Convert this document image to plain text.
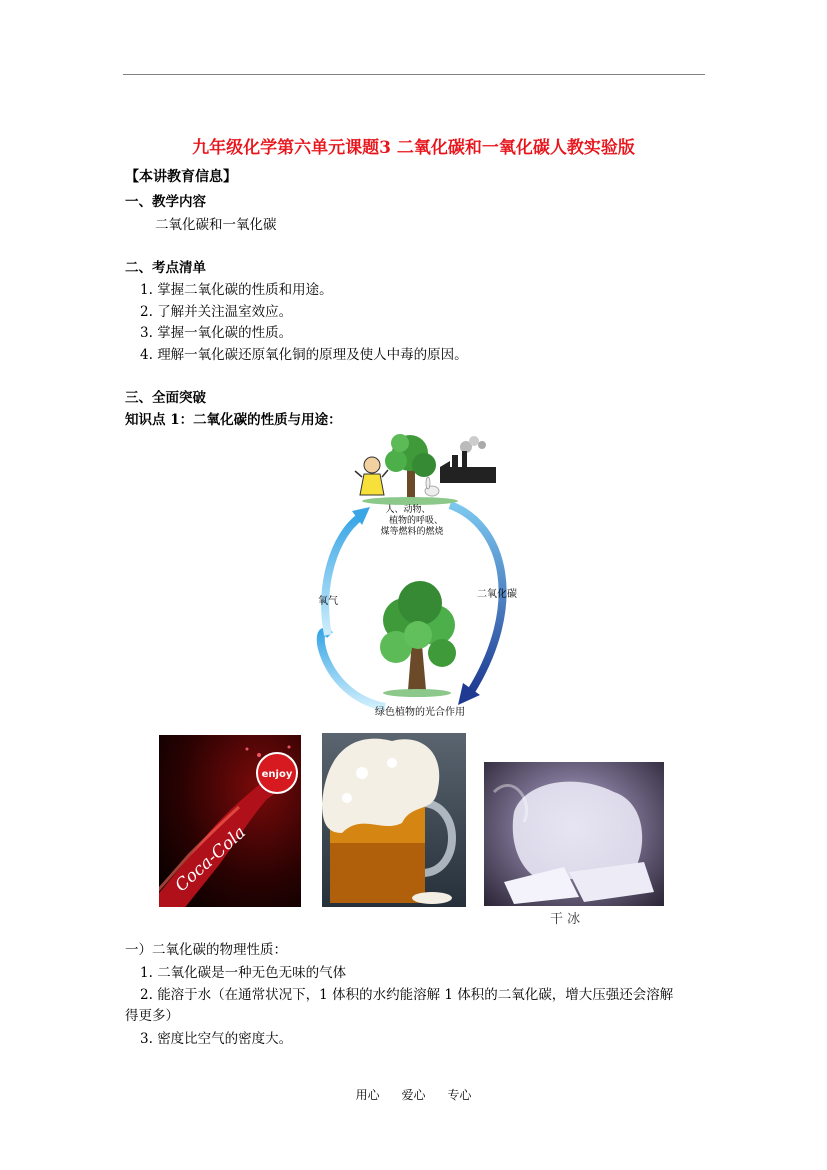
九年级化学第六单元课题3 二氧化碳和一氧化碳人教实验版
【本讲教育信息】
一、教学内容
二氧化碳和一氧化碳
二、考点清单
1. 掌握二氧化碳的性质和用途。
2. 了解并关注温室效应。
3. 掌握一氧化碳的性质。
4. 理解一氧化碳还原氧化铜的原理及使人中毒的原因。
三、全面突破
知识点 1：二氧化碳的性质与用途：
人、动物、
植物的呼吸、
煤等燃料的燃烧
二氧化碳
氧气
绿色植物的光合作用
enjoy
Coca-Cola
干 冰
一）二氧化碳的物理性质：
1. 二氧化碳是一种无色无味的气体
2. 能溶于水（在通常状况下，1 体积的水约能溶解 1 体积的二氧化碳，增大压强还会溶解
得更多）
3. 密度比空气的密度大。
用心 爱心 专心
